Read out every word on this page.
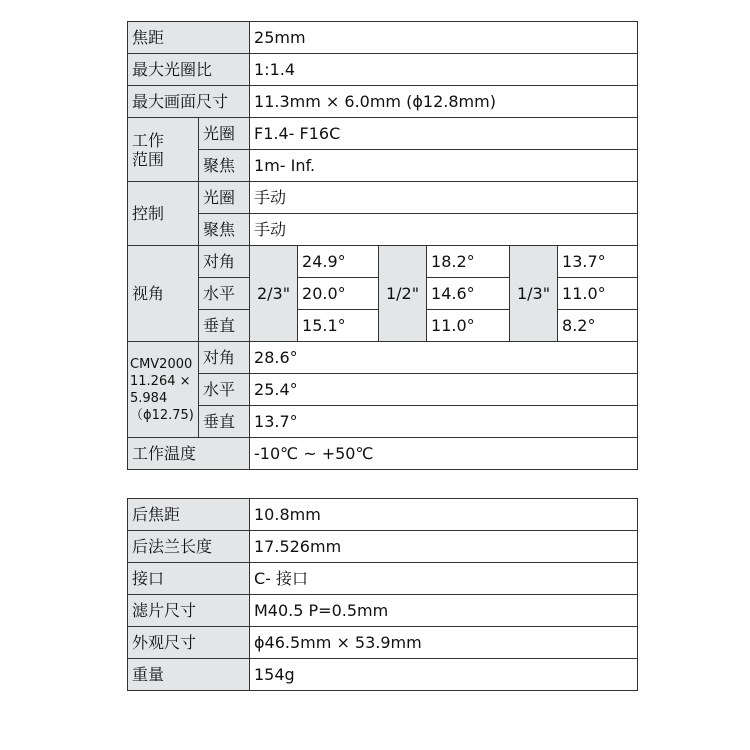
焦距		25mm					
最大光圈比		1:1.4					
最大画面尺寸		11.3mm × 6.0mm (ϕ12.8mm)					

工作
范围	光圈	F1.4- F16C					
	聚焦	1m- Inf.					
控制	光圈	手动					
	聚焦	手动					
视角	对角	2/3"	24.9°	1/2"	18.2°	1/3"	13.7°
	水平		20.0°		14.6°		11.0°
	垂直		15.1°		11.0°		8.2°

CMV2000
11.264 ×
5.984
（ϕ12.75)	对角	28.6°					
	水平	25.4°					
	垂直	13.7°					
工作温度		-10℃ ~ +50℃					
后焦距	10.8mm
后法兰长度	17.526mm
接口	C- 接口
滤片尺寸	M40.5 P=0.5mm
外观尺寸	ϕ46.5mm × 53.9mm
重量	154g
